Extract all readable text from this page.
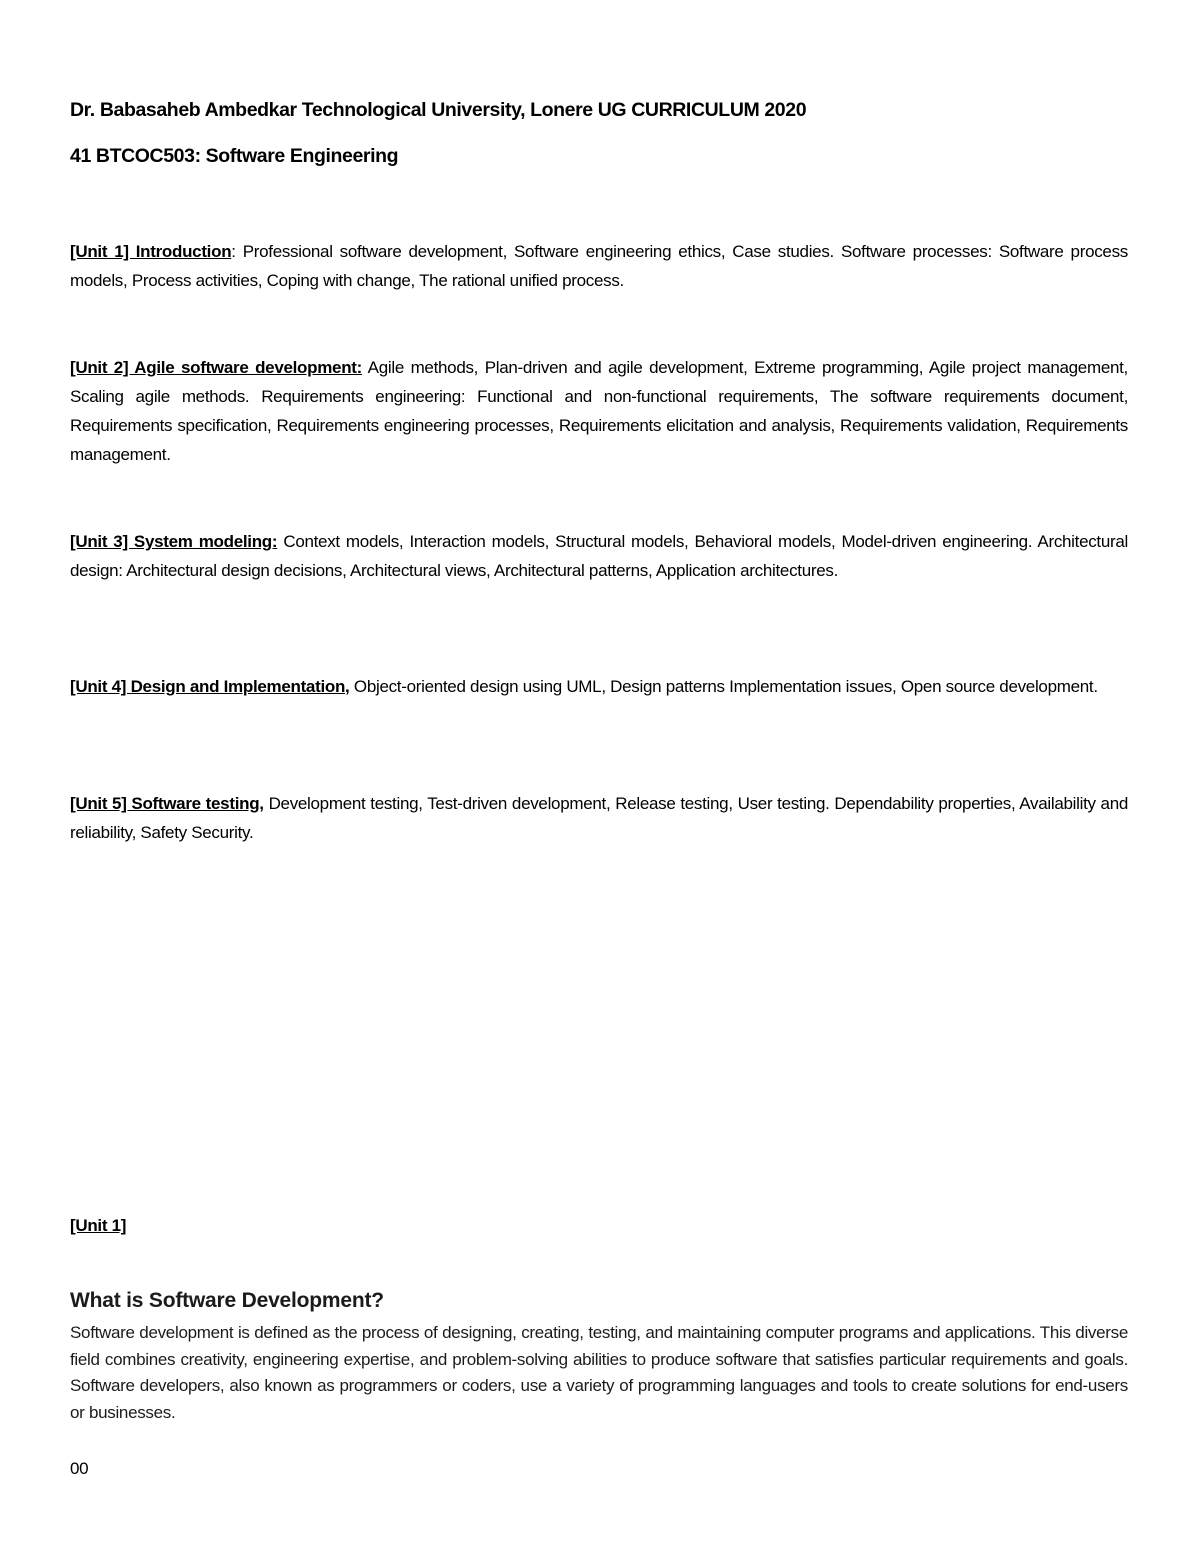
Dr. Babasaheb Ambedkar Technological University, Lonere UG CURRICULUM 2020
41 BTCOC503: Software Engineering
[Unit 1] Introduction: Professional software development, Software engineering ethics, Case studies. Software processes: Software process models, Process activities, Coping with change, The rational unified process.
[Unit 2] Agile software development: Agile methods, Plan-driven and agile development, Extreme programming, Agile project management, Scaling agile methods. Requirements engineering: Functional and non-functional requirements, The software requirements document, Requirements specification, Requirements engineering processes, Requirements elicitation and analysis, Requirements validation, Requirements management.
[Unit 3] System modeling: Context models, Interaction models, Structural models, Behavioral models, Model-driven engineering. Architectural design: Architectural design decisions, Architectural views, Architectural patterns, Application architectures.
[Unit 4] Design and Implementation, Object-oriented design using UML, Design patterns Implementation issues, Open source development.
[Unit 5] Software testing, Development testing, Test-driven development, Release testing, User testing. Dependability properties, Availability and reliability, Safety Security.
[Unit 1]
What is Software Development?
Software development is defined as the process of designing, creating, testing, and maintaining computer programs and applications. This diverse field combines creativity, engineering expertise, and problem-solving abilities to produce software that satisfies particular requirements and goals. Software developers, also known as programmers or coders, use a variety of programming languages and tools to create solutions for end-users or businesses.
00
